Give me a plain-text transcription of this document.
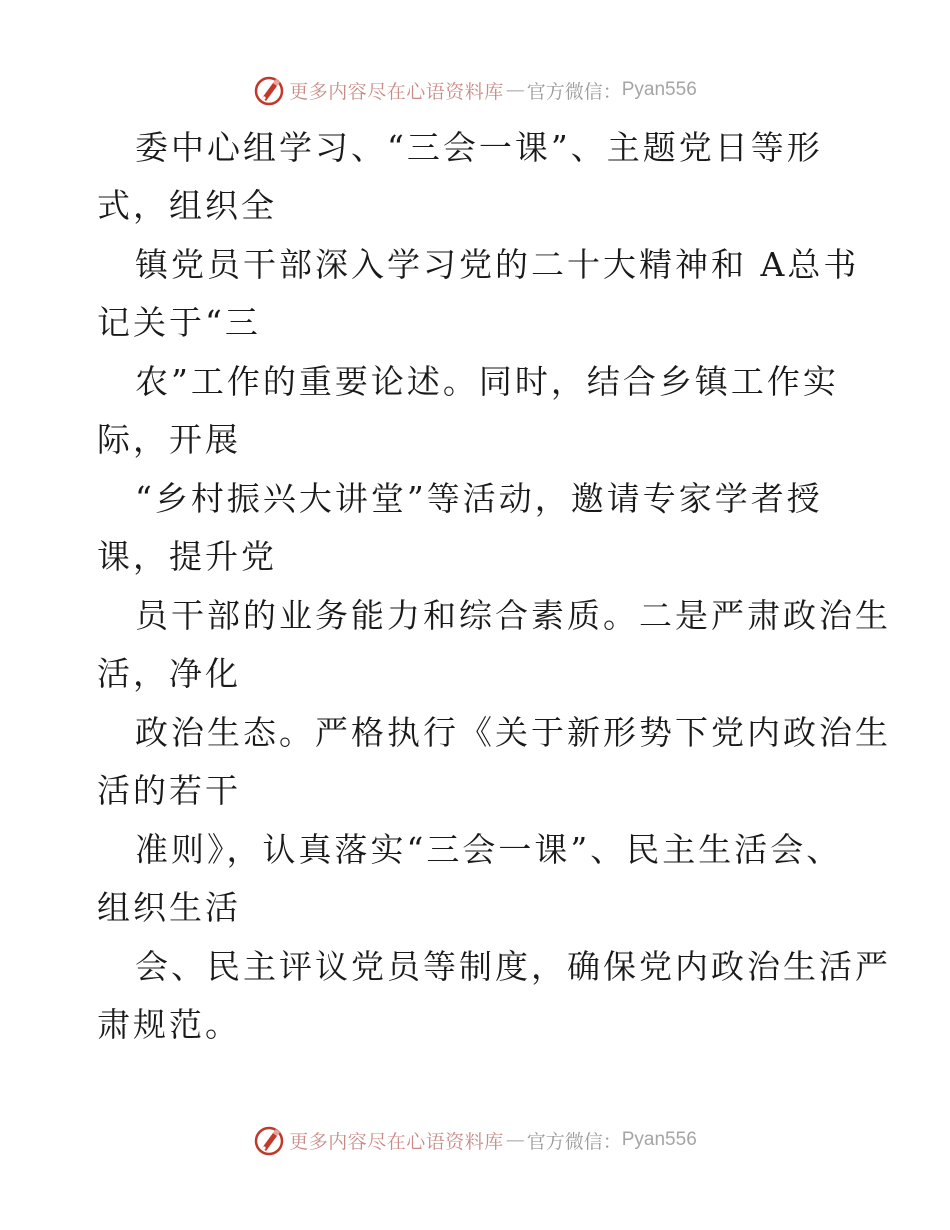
更多内容尽在心语资料库 — 官方微信： Pyan556
委中心组学习、“三会一课”、主题党日等形
式，组织全
镇党员干部深入学习党的二十大精神和 A总书
记关于“三
农”工作的重要论述。同时，结合乡镇工作实
际，开展
“乡村振兴大讲堂”等活动，邀请专家学者授
课，提升党
员干部的业务能力和综合素质。二是严肃政治生
活，净化
政治生态。严格执行《关于新形势下党内政治生
活的若干
准则》，认真落实“三会一课”、民主生活会、
组织生活
会、民主评议党员等制度，确保党内政治生活严
肃规范。
更多内容尽在心语资料库 — 官方微信： Pyan556
